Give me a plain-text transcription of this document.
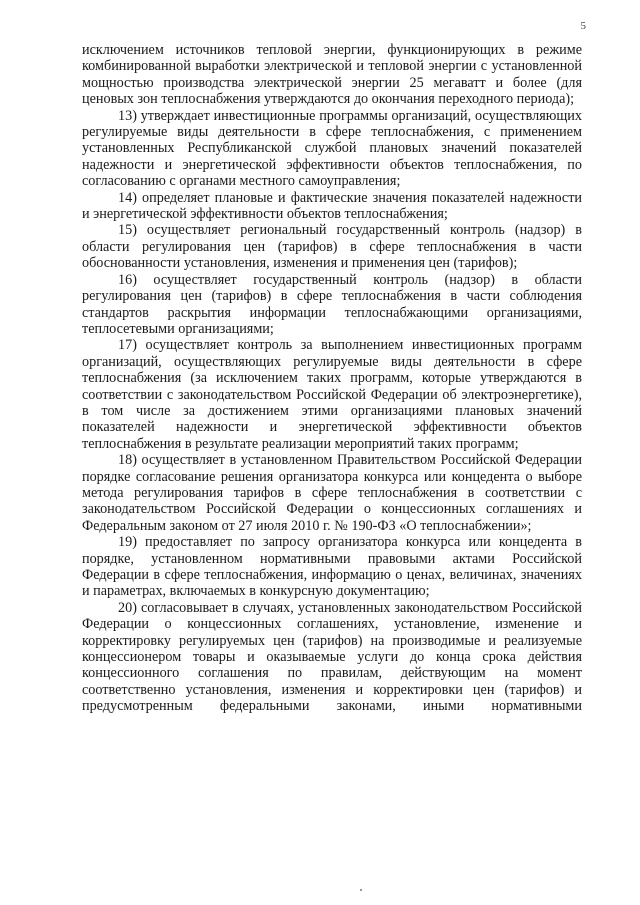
5

исключением источников тепловой энергии, функционирующих в режиме комбинированной выработки электрической и тепловой энергии с установленной мощностью производства электрической энергии 25 мегаватт и более (для ценовых зон теплоснабжения утверждаются до окончания переходного периода);

13) утверждает инвестиционные программы организаций, осуществляющих регулируемые виды деятельности в сфере теплоснабжения, с применением установленных Республиканской службой плановых значений показателей надежности и энергетической эффективности объектов теплоснабжения, по согласованию с органами местного самоуправления;

14) определяет плановые и фактические значения показателей надежности и энергетической эффективности объектов теплоснабжения;

15) осуществляет региональный государственный контроль (надзор) в области регулирования цен (тарифов) в сфере теплоснабжения в части обоснованности установления, изменения и применения цен (тарифов);

16) осуществляет государственный контроль (надзор) в области регулирования цен (тарифов) в сфере теплоснабжения в части соблюдения стандартов раскрытия информации теплоснабжающими организациями, теплосетевыми организациями;

17) осуществляет контроль за выполнением инвестиционных программ организаций, осуществляющих регулируемые виды деятельности в сфере теплоснабжения (за исключением таких программ, которые утверждаются в соответствии с законодательством Российской Федерации об электроэнергетике), в том числе за достижением этими организациями плановых значений показателей надежности и энергетической эффективности объектов теплоснабжения в результате реализации мероприятий таких программ;

18) осуществляет в установленном Правительством Российской Федерации порядке согласование решения организатора конкурса или концедента о выборе метода регулирования тарифов в сфере теплоснабжения в соответствии с законодательством Российской Федерации о концессионных соглашениях и Федеральным законом от 27 июля 2010 г. № 190-ФЗ «О теплоснабжении»;

19) предоставляет по запросу организатора конкурса или концедента в порядке, установленном нормативными правовыми актами Российской Федерации в сфере теплоснабжения, информацию о ценах, величинах, значениях и параметрах, включаемых в конкурсную документацию;

20) согласовывает в случаях, установленных законодательством Российской Федерации о концессионных соглашениях, установление, изменение и корректировку регулируемых цен (тарифов) на производимые и реализуемые концессионером товары и оказываемые услуги до конца срока действия концессионного соглашения по правилам, действующим на момент соответственно установления, изменения и корректировки цен (тарифов) и предусмотренным федеральными законами, иными нормативными
